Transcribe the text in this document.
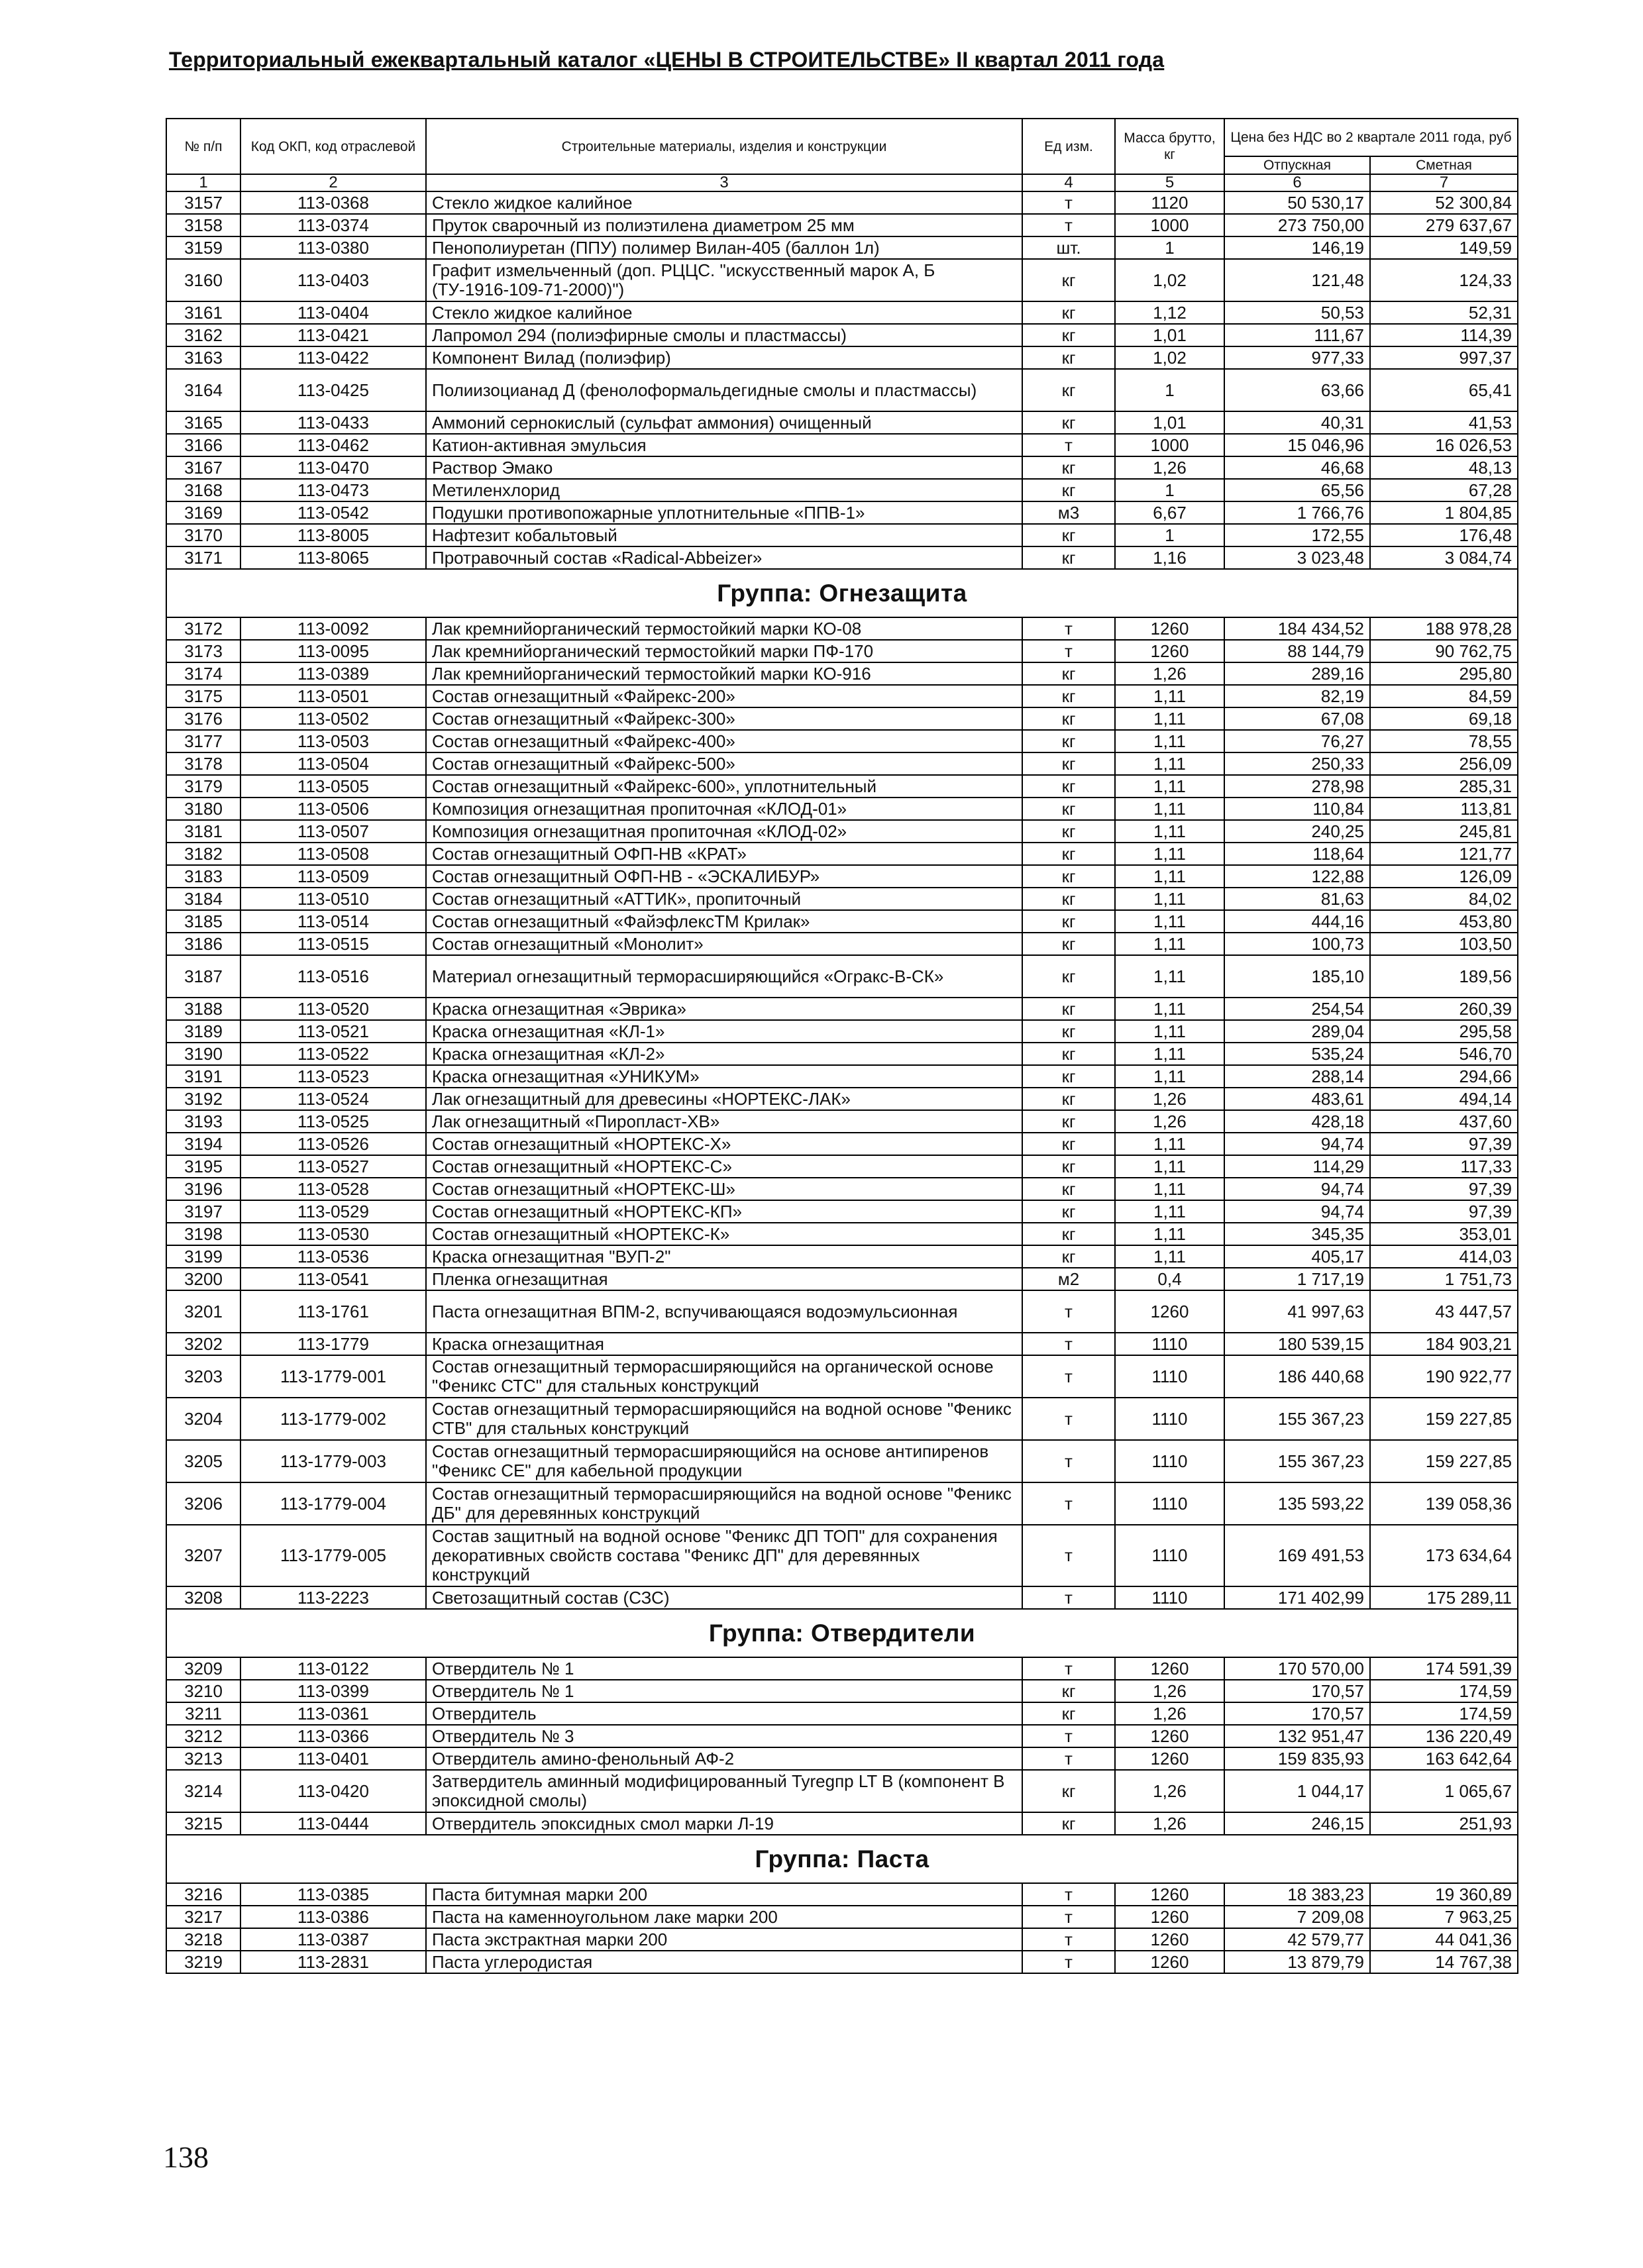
Территориальный ежеквартальный каталог «ЦЕНЫ В СТРОИТЕЛЬСТВЕ» II квартал 2011 года
№ п/п	Код ОКП, код отраслевой	Строительные материалы, изделия и конструкции	Ед изм.	Масса брутто, кг	Цена без НДС во 2 квартале 2011 года, руб	
					Отпускная	Сметная
1	2	3	4	5	6	7
3157	113-0368	Стекло жидкое калийное	т	1120	50 530,17	52 300,84
3158	113-0374	Пруток сварочный из полиэтилена диаметром 25 мм	т	1000	273 750,00	279 637,67
3159	113-0380	Пенополиуретан (ППУ) полимер Вилан-405 (баллон 1л)	шт.	1	146,19	149,59
3160	113-0403	Графит измельченный (доп. РЦЦС. "искусственный марок А, Б (ТУ-1916-109-71-2000)")	кг	1,02	121,48	124,33
3161	113-0404	Стекло жидкое калийное	кг	1,12	50,53	52,31
3162	113-0421	Лапромол 294 (полиэфирные смолы и пластмассы)	кг	1,01	111,67	114,39
3163	113-0422	Компонент Вилад (полиэфир)	кг	1,02	977,33	997,37
3164	113-0425	Полиизоцианад Д (фенолоформальдегидные смолы и пластмассы)	кг	1	63,66	65,41
3165	113-0433	Аммоний сернокислый (сульфат аммония) очищенный	кг	1,01	40,31	41,53
3166	113-0462	Катион-активная эмульсия	т	1000	15 046,96	16 026,53
3167	113-0470	Раствор Эмако	кг	1,26	46,68	48,13
3168	113-0473	Метиленхлорид	кг	1	65,56	67,28
3169	113-0542	Подушки противопожарные уплотнительные «ППВ-1»	м3	6,67	1 766,76	1 804,85
3170	113-8005	Нафтезит кобальтовый	кг	1	172,55	176,48
3171	113-8065	Протравочный состав «Radical-Abbeizer»	кг	1,16	3 023,48	3 084,74
Группа: Огнезащита						
3172	113-0092	Лак кремнийорганический термостойкий марки КО-08	т	1260	184 434,52	188 978,28
3173	113-0095	Лак кремнийорганический термостойкий марки ПФ-170	т	1260	88 144,79	90 762,75
3174	113-0389	Лак кремнийорганический термостойкий марки КО-916	кг	1,26	289,16	295,80
3175	113-0501	Состав огнезащитный «Файрекс-200»	кг	1,11	82,19	84,59
3176	113-0502	Состав огнезащитный «Файрекс-300»	кг	1,11	67,08	69,18
3177	113-0503	Состав огнезащитный «Файрекс-400»	кг	1,11	76,27	78,55
3178	113-0504	Состав огнезащитный «Файрекс-500»	кг	1,11	250,33	256,09
3179	113-0505	Состав огнезащитный «Файрекс-600», уплотнительный	кг	1,11	278,98	285,31
3180	113-0506	Композиция огнезащитная пропиточная «КЛОД-01»	кг	1,11	110,84	113,81
3181	113-0507	Композиция огнезащитная пропиточная «КЛОД-02»	кг	1,11	240,25	245,81
3182	113-0508	Состав огнезащитный ОФП-НВ «КРАТ»	кг	1,11	118,64	121,77
3183	113-0509	Состав огнезащитный ОФП-НВ - «ЭСКАЛИБУР»	кг	1,11	122,88	126,09
3184	113-0510	Состав огнезащитный «АТТИК», пропиточный	кг	1,11	81,63	84,02
3185	113-0514	Состав огнезащитный «ФайэфлексТМ Крилак»	кг	1,11	444,16	453,80
3186	113-0515	Состав огнезащитный «Монолит»	кг	1,11	100,73	103,50
3187	113-0516	Материал огнезащитный терморасширяющийся «Огракс-В-СК»	кг	1,11	185,10	189,56
3188	113-0520	Краска огнезащитная «Эврика»	кг	1,11	254,54	260,39
3189	113-0521	Краска огнезащитная «КЛ-1»	кг	1,11	289,04	295,58
3190	113-0522	Краска огнезащитная «КЛ-2»	кг	1,11	535,24	546,70
3191	113-0523	Краска огнезащитная «УНИКУМ»	кг	1,11	288,14	294,66
3192	113-0524	Лак огнезащитный для древесины «НОРТЕКС-ЛАК»	кг	1,26	483,61	494,14
3193	113-0525	Лак огнезащитный «Пиропласт-ХВ»	кг	1,26	428,18	437,60
3194	113-0526	Состав огнезащитный «НОРТЕКС-Х»	кг	1,11	94,74	97,39
3195	113-0527	Состав огнезащитный «НОРТЕКС-С»	кг	1,11	114,29	117,33
3196	113-0528	Состав огнезащитный «НОРТЕКС-Ш»	кг	1,11	94,74	97,39
3197	113-0529	Состав огнезащитный «НОРТЕКС-КП»	кг	1,11	94,74	97,39
3198	113-0530	Состав огнезащитный «НОРТЕКС-К»	кг	1,11	345,35	353,01
3199	113-0536	Краска огнезащитная "ВУП-2"	кг	1,11	405,17	414,03
3200	113-0541	Пленка огнезащитная	м2	0,4	1 717,19	1 751,73
3201	113-1761	Паста огнезащитная ВПМ-2, вспучивающаяся водоэмульсионная	т	1260	41 997,63	43 447,57
3202	113-1779	Краска огнезащитная	т	1110	180 539,15	184 903,21
3203	113-1779-001	Состав огнезащитный терморасширяющийся на органической основе "Феникс СТС" для стальных конструкций	т	1110	186 440,68	190 922,77
3204	113-1779-002	Состав огнезащитный терморасширяющийся на водной основе "Феникс СТВ" для стальных конструкций	т	1110	155 367,23	159 227,85
3205	113-1779-003	Состав огнезащитный терморасширяющийся на основе антипиренов "Феникс СЕ" для кабельной продукции	т	1110	155 367,23	159 227,85
3206	113-1779-004	Состав огнезащитный терморасширяющийся на водной основе "Феникс ДБ" для деревянных конструкций	т	1110	135 593,22	139 058,36
3207	113-1779-005	Состав защитный на водной основе "Феникс ДП ТОП" для сохранения декоративных свойств состава "Феникс ДП" для деревянных конструкций	т	1110	169 491,53	173 634,64
3208	113-2223	Светозащитный состав (СЗС)	т	1110	171 402,99	175 289,11
Группа: Отвердители						
3209	113-0122	Отвердитель № 1	т	1260	170 570,00	174 591,39
3210	113-0399	Отвердитель № 1	кг	1,26	170,57	174,59
3211	113-0361	Отвердитель	кг	1,26	170,57	174,59
3212	113-0366	Отвердитель № 3	т	1260	132 951,47	136 220,49
3213	113-0401	Отвердитель амино-фенольный АФ-2	т	1260	159 835,93	163 642,64
3214	113-0420	Затвердитель аминный модифицированный Tyregпр LT В (компонент В эпоксидной смолы)	кг	1,26	1 044,17	1 065,67
3215	113-0444	Отвердитель эпоксидных смол марки Л-19	кг	1,26	246,15	251,93
Группа: Паста						
3216	113-0385	Паста битумная марки 200	т	1260	18 383,23	19 360,89
3217	113-0386	Паста на каменноугольном лаке марки 200	т	1260	7 209,08	7 963,25
3218	113-0387	Паста экстрактная марки 200	т	1260	42 579,77	44 041,36
3219	113-2831	Паста углеродистая	т	1260	13 879,79	14 767,38
138
